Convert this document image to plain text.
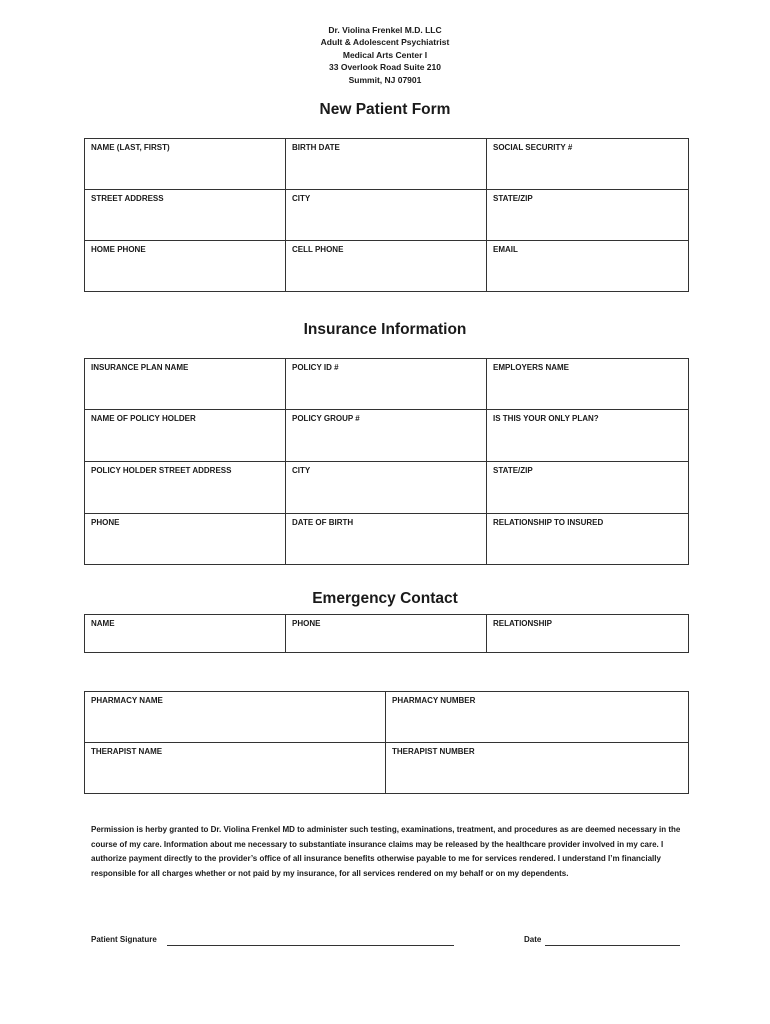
Dr. Violina Frenkel M.D. LLC
Adult & Adolescent Psychiatrist
Medical Arts Center I
33 Overlook Road Suite 210
Summit, NJ 07901
New Patient Form
NAME (LAST, FIRST)	BIRTH DATE	SOCIAL SECURITY #

STREET ADDRESS	CITY	STATE/ZIP

HOME PHONE	CELL PHONE	EMAIL
Insurance Information
INSURANCE PLAN NAME	POLICY ID #	EMPLOYERS NAME

NAME OF POLICY HOLDER	POLICY GROUP #	IS THIS YOUR ONLY PLAN?

POLICY HOLDER STREET ADDRESS	CITY	STATE/ZIP

PHONE	DATE OF BIRTH	RELATIONSHIP TO INSURED
Emergency Contact
NAME	PHONE	RELATIONSHIP
PHARMACY NAME	PHARMACY NUMBER

THERAPIST NAME	THERAPIST NUMBER
Permission is herby granted to Dr. Violina Frenkel MD to administer such testing, examinations, treatment, and procedures as are deemed necessary in the course of my care. Information about me necessary to substantiate insurance claims may be released by the healthcare provider involved in my care. I authorize payment directly to the provider’s office of all insurance benefits otherwise payable to me for services rendered. I understand I’m financially responsible for all charges whether or not paid by my insurance, for all services rendered on my behalf or on my dependents.
Patient Signature	Date
